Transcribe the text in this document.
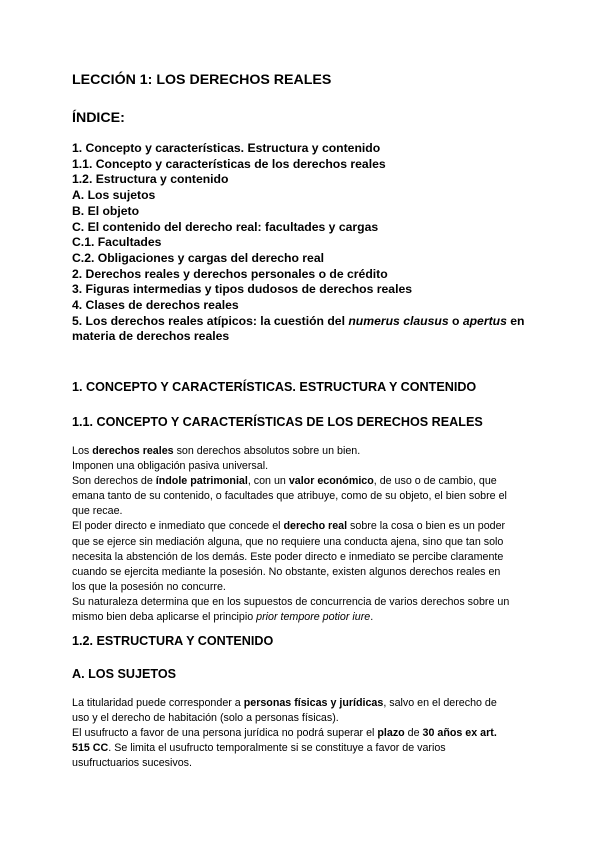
LECCIÓN 1: LOS DERECHOS REALES
ÍNDICE:
1. Concepto y características. Estructura y contenido
1.1. Concepto y características de los derechos reales
1.2. Estructura y contenido
A. Los sujetos
B. El objeto
C. El contenido del derecho real: facultades y cargas
C.1. Facultades
C.2. Obligaciones y cargas del derecho real
2. Derechos reales y derechos personales o de crédito
3. Figuras intermedias y tipos dudosos de derechos reales
4. Clases de derechos reales
5. Los derechos reales atípicos: la cuestión del numerus clausus o apertus en
materia de derechos reales
1. CONCEPTO Y CARACTERÍSTICAS. ESTRUCTURA Y CONTENIDO
1.1. CONCEPTO Y CARACTERÍSTICAS DE LOS DERECHOS REALES
Los derechos reales son derechos absolutos sobre un bien.
Imponen una obligación pasiva universal.
Son derechos de índole patrimonial, con un valor económico, de uso o de cambio, que
emana tanto de su contenido, o facultades que atribuye, como de su objeto, el bien sobre el
que recae.
El poder directo e inmediato que concede el derecho real sobre la cosa o bien es un poder
que se ejerce sin mediación alguna, que no requiere una conducta ajena, sino que tan solo
necesita la abstención de los demás. Este poder directo e inmediato se percibe claramente
cuando se ejercita mediante la posesión. No obstante, existen algunos derechos reales en
los que la posesión no concurre.
Su naturaleza determina que en los supuestos de concurrencia de varios derechos sobre un
mismo bien deba aplicarse el principio prior tempore potior iure.
1.2. ESTRUCTURA Y CONTENIDO
A. LOS SUJETOS
La titularidad puede corresponder a personas físicas y jurídicas, salvo en el derecho de
uso y el derecho de habitación (solo a personas físicas).
El usufructo a favor de una persona jurídica no podrá superar el plazo de 30 años ex art.
515 CC. Se limita el usufructo temporalmente si se constituye a favor de varios
usufructuarios sucesivos.
